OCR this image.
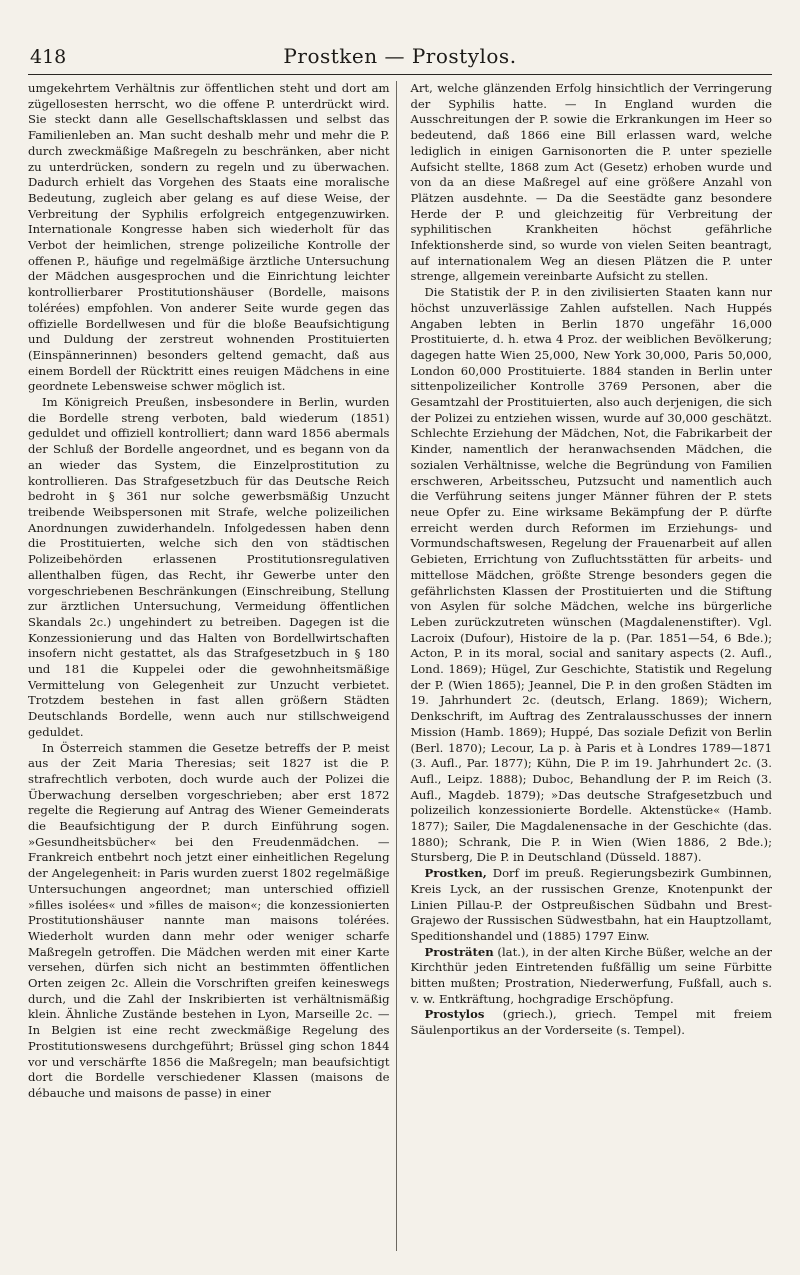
418	Prostken — Prostylos.

umgekehrtem Verhältnis zur öffentlichen steht und dort am zügellosesten herrscht, wo die offene P. unterdrückt wird. Sie steckt dann alle Gesellschaftsklassen und selbst das Familienleben an. Man sucht deshalb mehr und mehr die P. durch zweckmäßige Maßregeln zu beschränken, aber nicht zu unterdrücken, sondern zu regeln und zu überwachen. Dadurch erhielt das Vorgehen des Staats eine moralische Bedeutung, zugleich aber gelang es auf diese Weise, der Verbreitung der Syphilis erfolgreich entgegenzuwirken. Internationale Kongresse haben sich wiederholt für das Verbot der heimlichen, strenge polizeiliche Kontrolle der offenen P., häufige und regelmäßige ärztliche Untersuchung der Mädchen ausgesprochen und die Einrichtung leichter kontrollierbarer Prostitutionshäuser (Bordelle, maisons tolérées) empfohlen. Von anderer Seite wurde gegen das offizielle Bordellwesen und für die bloße Beaufsichtigung und Duldung der zerstreut wohnenden Prostituierten (Einspännerinnen) besonders geltend gemacht, daß aus einem Bordell der Rücktritt eines reuigen Mädchens in eine geordnete Lebensweise schwer möglich ist.

Im Königreich Preußen, insbesondere in Berlin, wurden die Bordelle streng verboten, bald wiederum (1851) geduldet und offiziell kontrolliert; dann ward 1856 abermals der Schluß der Bordelle angeordnet, und es begann von da an wieder das System, die Einzelprostitution zu kontrollieren. Das Strafgesetzbuch für das Deutsche Reich bedroht in § 361 nur solche gewerbsmäßig Unzucht treibende Weibspersonen mit Strafe, welche polizeilichen Anordnungen zuwiderhandeln. Infolgedessen haben denn die Prostituierten, welche sich den von städtischen Polizeibehörden erlassenen Prostitutionsregulativen allenthalben fügen, das Recht, ihr Gewerbe unter den vorgeschriebenen Beschränkungen (Einschreibung, Stellung zur ärztlichen Untersuchung, Vermeidung öffentlichen Skandals 2c.) ungehindert zu betreiben. Dagegen ist die Konzessionierung und das Halten von Bordellwirtschaften insofern nicht gestattet, als das Strafgesetzbuch in § 180 und 181 die Kuppelei oder die gewohnheitsmäßige Vermittelung von Gelegenheit zur Unzucht verbietet. Trotzdem bestehen in fast allen größern Städten Deutschlands Bordelle, wenn auch nur stillschweigend geduldet.

In Österreich stammen die Gesetze betreffs der P. meist aus der Zeit Maria Theresias; seit 1827 ist die P. strafrechtlich verboten, doch wurde auch der Polizei die Überwachung derselben vorgeschrieben; aber erst 1872 regelte die Regierung auf Antrag des Wiener Gemeinderats die Beaufsichtigung der P. durch Einführung sogen. »Gesundheitsbücher« bei den Freudenmädchen. — Frankreich entbehrt noch jetzt einer einheitlichen Regelung der Angelegenheit: in Paris wurden zuerst 1802 regelmäßige Untersuchungen angeordnet; man unterschied offiziell »filles isolées« und »filles de maison«; die konzessionierten Prostitutionshäuser nannte man maisons tolérées. Wiederholt wurden dann mehr oder weniger scharfe Maßregeln getroffen. Die Mädchen werden mit einer Karte versehen, dürfen sich nicht an bestimmten öffentlichen Orten zeigen 2c. Allein die Vorschriften greifen keineswegs durch, und die Zahl der Inskribierten ist verhältnismäßig klein. Ähnliche Zustände bestehen in Lyon, Marseille 2c. — In Belgien ist eine recht zweckmäßige Regelung des Prostitutionswesens durchgeführt; Brüssel ging schon 1844 vor und verschärfte 1856 die Maßregeln; man beaufsichtigt dort die Bordelle verschiedener Klassen (maisons de débauche und maisons de passe) in einer

Art, welche glänzenden Erfolg hinsichtlich der Verringerung der Syphilis hatte. — In England wurden die Ausschreitungen der P. sowie die Erkrankungen im Heer so bedeutend, daß 1866 eine Bill erlassen ward, welche lediglich in einigen Garnisonorten die P. unter spezielle Aufsicht stellte, 1868 zum Act (Gesetz) erhoben wurde und von da an diese Maßregel auf eine größere Anzahl von Plätzen ausdehnte. — Da die Seestädte ganz besondere Herde der P. und gleichzeitig für Verbreitung der syphilitischen Krankheiten höchst gefährliche Infektionsherde sind, so wurde von vielen Seiten beantragt, auf internationalem Weg an diesen Plätzen die P. unter strenge, allgemein vereinbarte Aufsicht zu stellen.

Die Statistik der P. in den zivilisierten Staaten kann nur höchst unzuverlässige Zahlen aufstellen. Nach Huppés Angaben lebten in Berlin 1870 ungefähr 16,000 Prostituierte, d. h. etwa 4 Proz. der weiblichen Bevölkerung; dagegen hatte Wien 25,000, New York 30,000, Paris 50,000, London 60,000 Prostituierte. 1884 standen in Berlin unter sittenpolizeilicher Kontrolle 3769 Personen, aber die Gesamtzahl der Prostituierten, also auch derjenigen, die sich der Polizei zu entziehen wissen, wurde auf 30,000 geschätzt. Schlechte Erziehung der Mädchen, Not, die Fabrikarbeit der Kinder, namentlich der heranwachsenden Mädchen, die sozialen Verhältnisse, welche die Begründung von Familien erschweren, Arbeitsscheu, Putzsucht und namentlich auch die Verführung seitens junger Männer führen der P. stets neue Opfer zu. Eine wirksame Bekämpfung der P. dürfte erreicht werden durch Reformen im Erziehungs- und Vormundschaftswesen, Regelung der Frauenarbeit auf allen Gebieten, Errichtung von Zufluchtsstätten für arbeits- und mittellose Mädchen, größte Strenge besonders gegen die gefährlichsten Klassen der Prostituierten und die Stiftung von Asylen für solche Mädchen, welche ins bürgerliche Leben zurückzutreten wünschen (Magdalenenstifter). Vgl. Lacroix (Dufour), Histoire de la p. (Par. 1851—54, 6 Bde.); Acton, P. in its moral, social and sanitary aspects (2. Aufl., Lond. 1869); Hügel, Zur Geschichte, Statistik und Regelung der P. (Wien 1865); Jeannel, Die P. in den großen Städten im 19. Jahrhundert 2c. (deutsch, Erlang. 1869); Wichern, Denkschrift, im Auftrag des Zentralausschusses der innern Mission (Hamb. 1869); Huppé, Das soziale Defizit von Berlin (Berl. 1870); Lecour, La p. à Paris et à Londres 1789—1871 (3. Aufl., Par. 1877); Kühn, Die P. im 19. Jahrhundert 2c. (3. Aufl., Leipz. 1888); Duboc, Behandlung der P. im Reich (3. Aufl., Magdeb. 1879); »Das deutsche Strafgesetzbuch und polizeilich konzessionierte Bordelle. Aktenstücke« (Hamb. 1877); Sailer, Die Magdalenensache in der Geschichte (das. 1880); Schrank, Die P. in Wien (Wien 1886, 2 Bde.); Stursberg, Die P. in Deutschland (Düsseld. 1887).

Prostken, Dorf im preuß. Regierungsbezirk Gumbinnen, Kreis Lyck, an der russischen Grenze, Knotenpunkt der Linien Pillau-P. der Ostpreußischen Südbahn und Brest-Grajewo der Russischen Südwestbahn, hat ein Hauptzollamt, Speditionshandel und (1885) 1797 Einw.

Prosträten (lat.), in der alten Kirche Büßer, welche an der Kirchthür jeden Eintretenden fußfällig um seine Fürbitte bitten mußten; Prostration, Niederwerfung, Fußfall, auch s. v. w. Entkräftung, hochgradige Erschöpfung.

Prostylos (griech.), griech. Tempel mit freiem Säulenportikus an der Vorderseite (s. Tempel).
